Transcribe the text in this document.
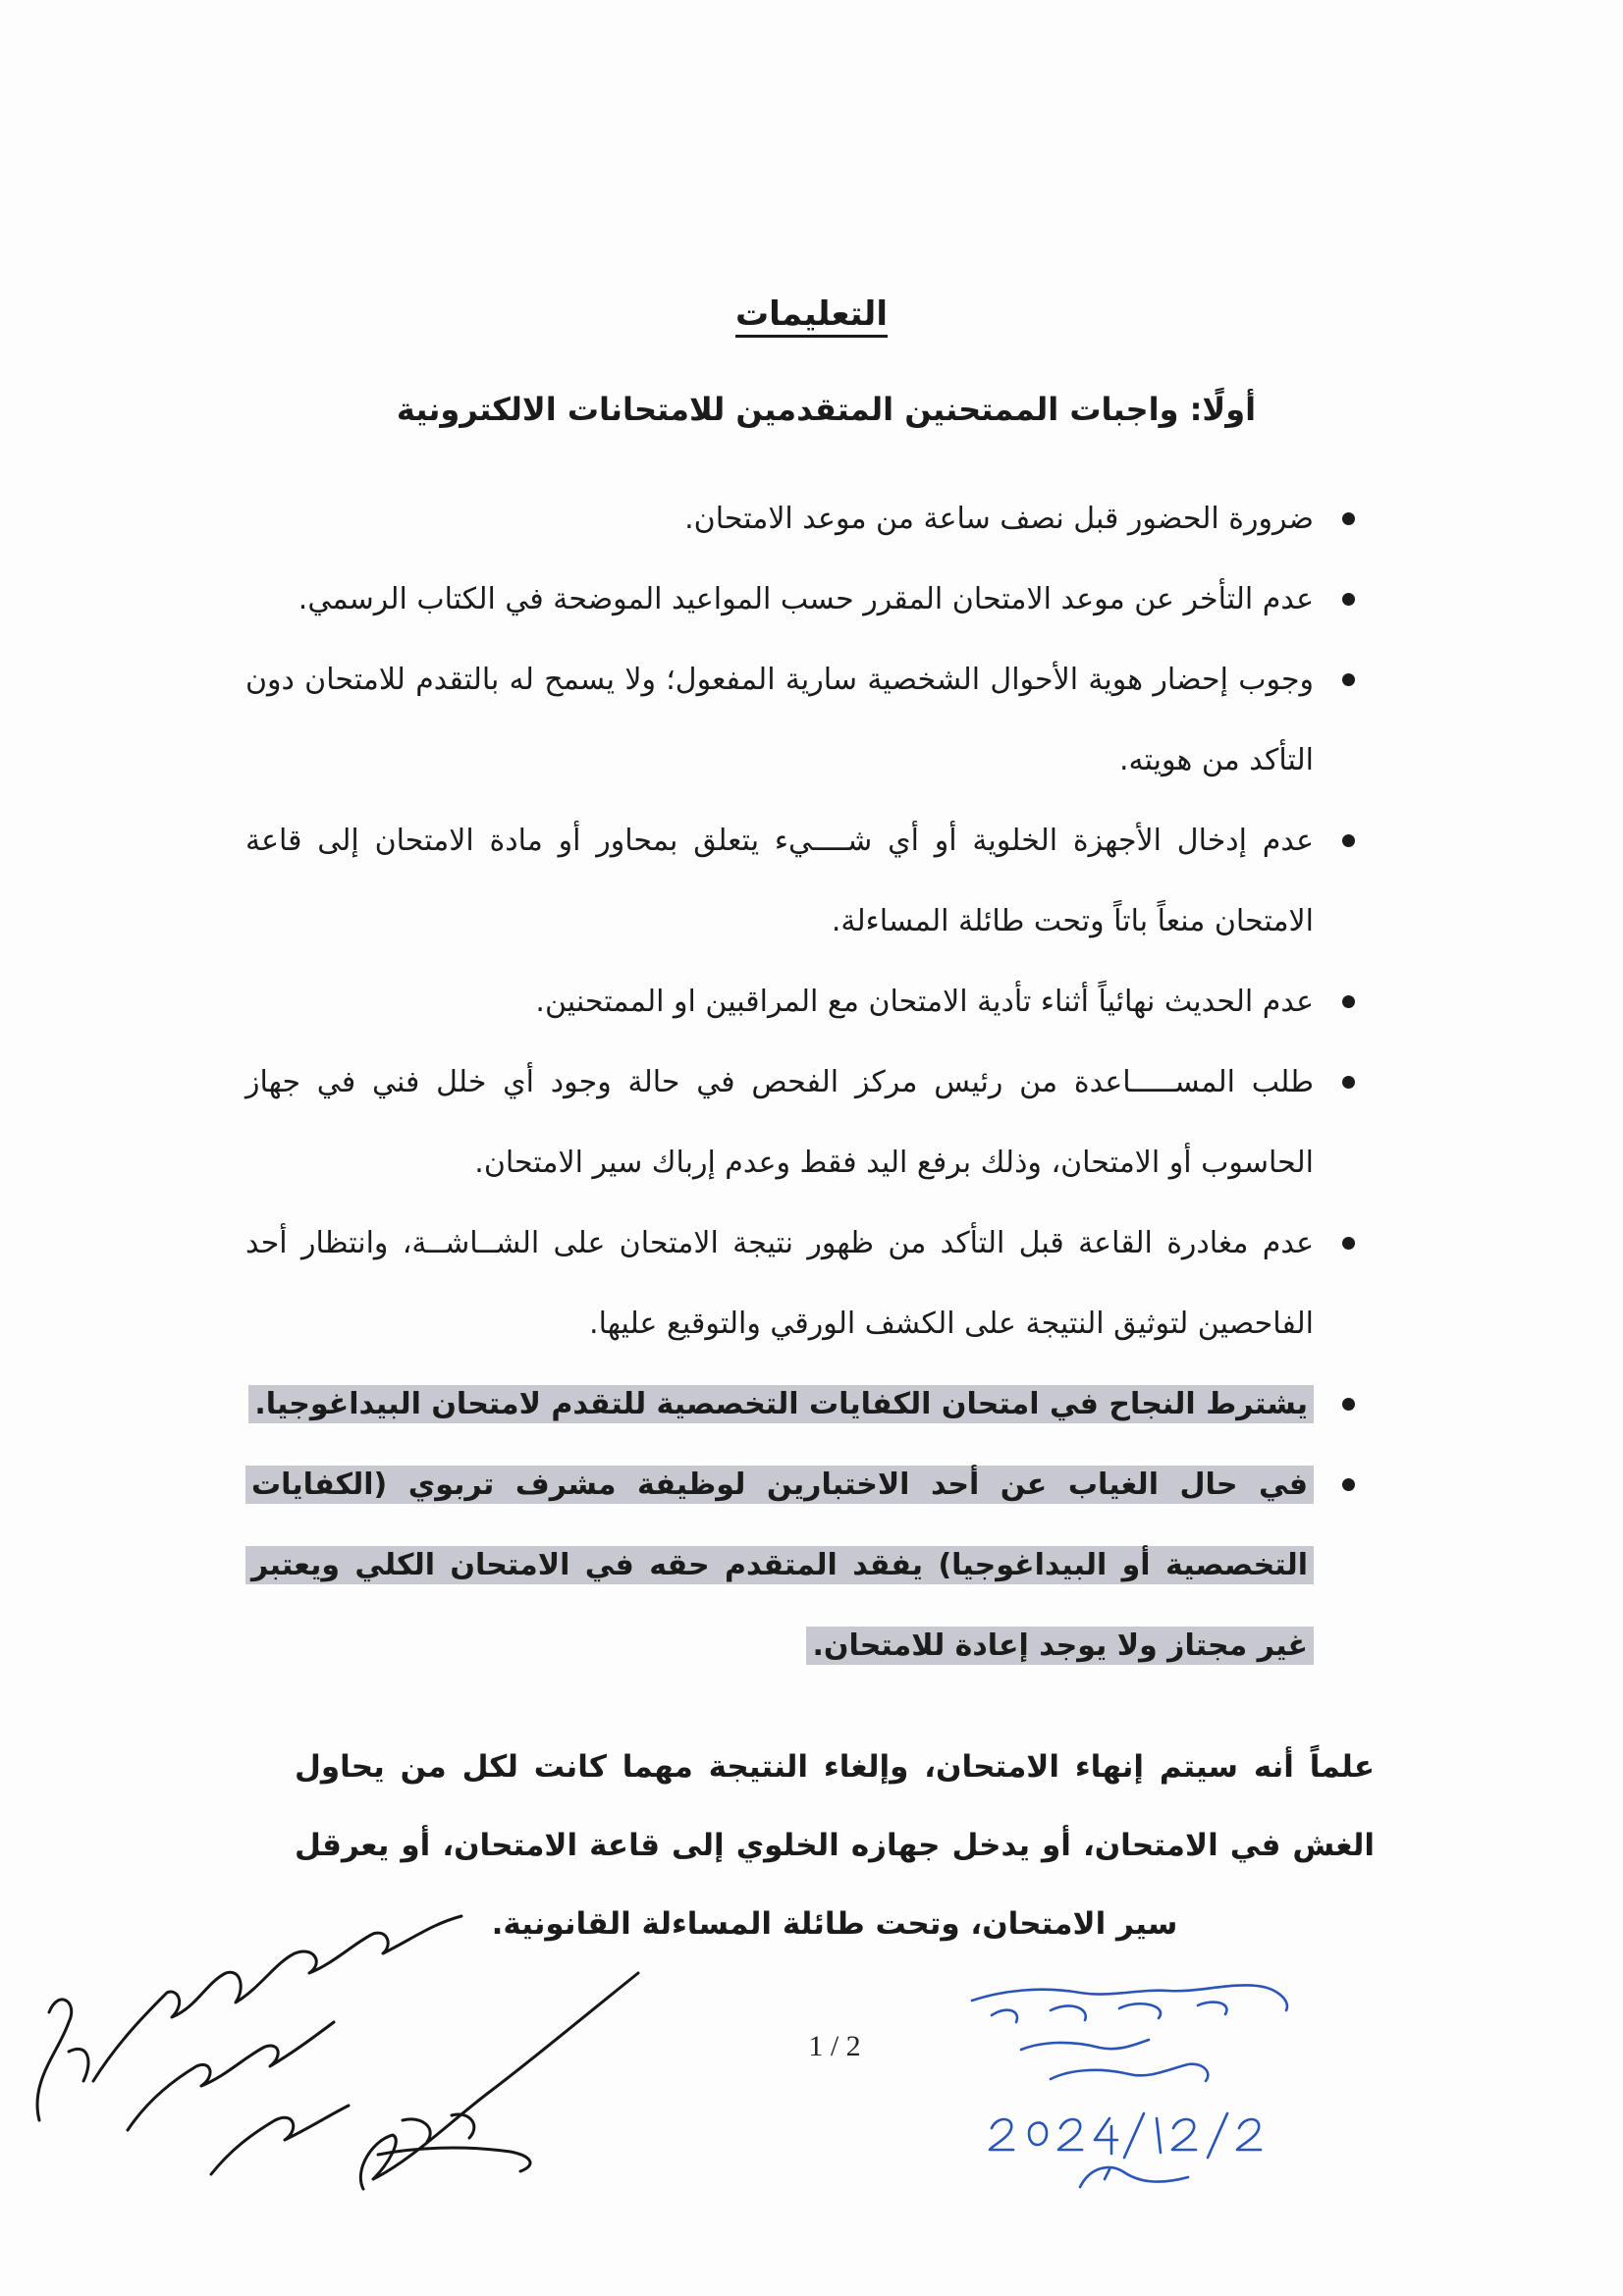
التعليمات
أولًا: واجبات الممتحنين المتقدمين للامتحانات الالكترونية
ضرورة الحضور قبل نصف ساعة من موعد الامتحان.
عدم التأخر عن موعد الامتحان المقرر حسب المواعيد الموضحة في الكتاب الرسمي.
وجوب إحضار هوية الأحوال الشخصية سارية المفعول؛ ولا يسمح له بالتقدم للامتحان دون التأكد من هويته.
عدم إدخال الأجهزة الخلوية أو أي شــــيء يتعلق بمحاور أو مادة الامتحان إلى قاعة الامتحان منعاً باتاً وتحت طائلة المساءلة.
عدم الحديث نهائياً أثناء تأدية الامتحان مع المراقبين او الممتحنين.
طلب المســـــاعدة من رئيس مركز الفحص في حالة وجود أي خلل فني في جهاز الحاسوب أو الامتحان، وذلك برفع اليد فقط وعدم إرباك سير الامتحان.
عدم مغادرة القاعة قبل التأكد من ظهور نتيجة الامتحان على الشــاشــة، وانتظار أحد الفاحصين لتوثيق النتيجة على الكشف الورقي والتوقيع عليها.
يشترط النجاح في امتحان الكفايات التخصصية للتقدم لامتحان البيداغوجيا.
في حال الغياب عن أحد الاختبارين لوظيفة مشرف تربوي (الكفايات التخصصية أو البيداغوجيا) يفقد المتقدم حقه في الامتحان الكلي ويعتبر غير مجتاز ولا يوجد إعادة للامتحان.
علماً أنه سيتم إنهاء الامتحان، وإلغاء النتيجة مهما كانت لكل من يحاول الغش في الامتحان، أو يدخل جهازه الخلوي إلى قاعة الامتحان، أو يعرقل سير الامتحان، وتحت طائلة المساءلة القانونية.
1 / 2
